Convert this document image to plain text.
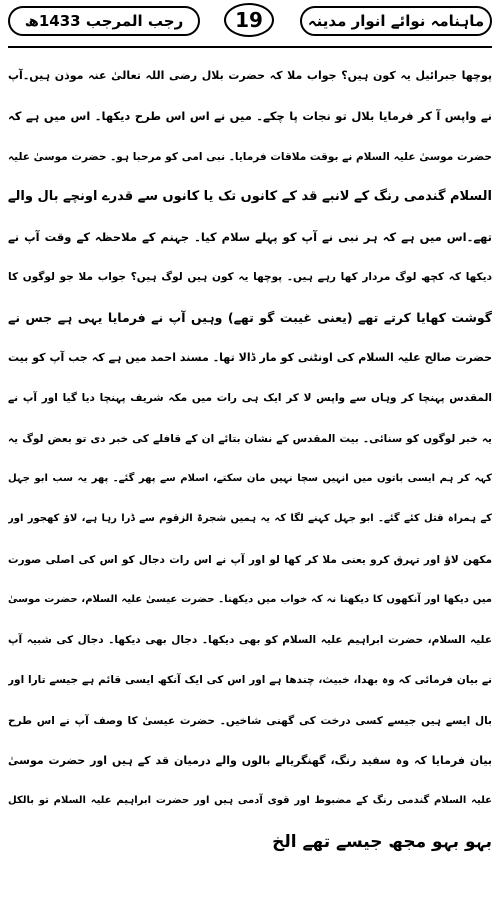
رجب المرجب 1433ھ	19	ماہنامہ نوائے انوار مدینہ
پوچھا جبرائیل یہ کون ہیں؟ جواب ملا کہ حضرت بلال رضی اللہ تعالیٰ عنہ موذن ہیں۔آپ
نے واپس آ کر فرمایا بلال تو نجات پا چکے۔ میں نے اس اس طرح دیکھا۔ اس میں ہے کہ
حضرت موسیٰ علیہ السلام نے بوقت ملاقات فرمایا۔ نبی امی کو مرحبا ہو۔ حضرت موسیٰ علیہ
السلام گندمی رنگ کے لانبے قد کے کانوں تک یا کانوں سے قدرے اونچے بال والے
تھے۔اس میں ہے کہ ہر نبی نے آپ کو پہلے سلام کیا۔ جہنم کے ملاحظہ کے وقت آپ نے
دیکھا کہ کچھ لوگ مردار کھا رہے ہیں۔ پوچھا یہ کون ہیں لوگ ہیں؟ جواب ملا جو لوگوں کا
گوشت کھایا کرتے تھے (یعنی غیبت گو تھے) وہیں آپ نے فرمایا یہی ہے جس نے
حضرت صالح علیہ السلام کی اونٹنی کو مار ڈالا تھا۔ مسند احمد میں ہے کہ جب آپ کو بیت
المقدس پہنچا کر وہاں سے واپس لا کر ایک ہی رات میں مکہ شریف پہنچا دیا گیا اور آپ نے
یہ خبر لوگوں کو سنائی۔ بیت المقدس کے نشان بتائے ان کے قافلے کی خبر دی تو بعض لوگ یہ
کہہ کر ہم ایسی باتوں میں انہیں سچا نہیں مان سکتے، اسلام سے پھر گئے۔ پھر یہ سب ابو جہل
کے ہمراہ قتل کئے گئے۔ ابو جہل کہنے لگا کہ یہ ہمیں شجرۃ الزقوم سے ڈرا رہا ہے، لاؤ کھجور اور
مکھن لاؤ اور تہرق کرو یعنی ملا کر کھا لو اور آپ نے اس رات دجال کو اس کی اصلی صورت
میں دیکھا اور آنکھوں کا دیکھنا نہ کہ خواب میں دیکھنا۔ حضرت عیسیٰ علیہ السلام، حضرت موسیٰ
علیہ السلام، حضرت ابراہیم علیہ السلام کو بھی دیکھا۔ دجال بھی دیکھا۔ دجال کی شبیہ آپ
نے بیان فرمائی کہ وہ بھدا، خبیث، چندھا ہے اور اس کی ایک آنکھ ایسی قائم ہے جیسے تارا اور
بال ایسے ہیں جیسے کسی درخت کی گھنی شاخیں۔ حضرت عیسیٰ کا وصف آپ نے اس طرح
بیان فرمایا کہ وہ سفید رنگ، گھنگریالے بالوں والے درمیان قد کے ہیں اور حضرت موسیٰ
علیہ السلام گندمی رنگ کے مضبوط اور قوی آدمی ہیں اور حضرت ابراہیم علیہ السلام تو بالکل
بہو بہو مجھ جیسے تھے الخ
